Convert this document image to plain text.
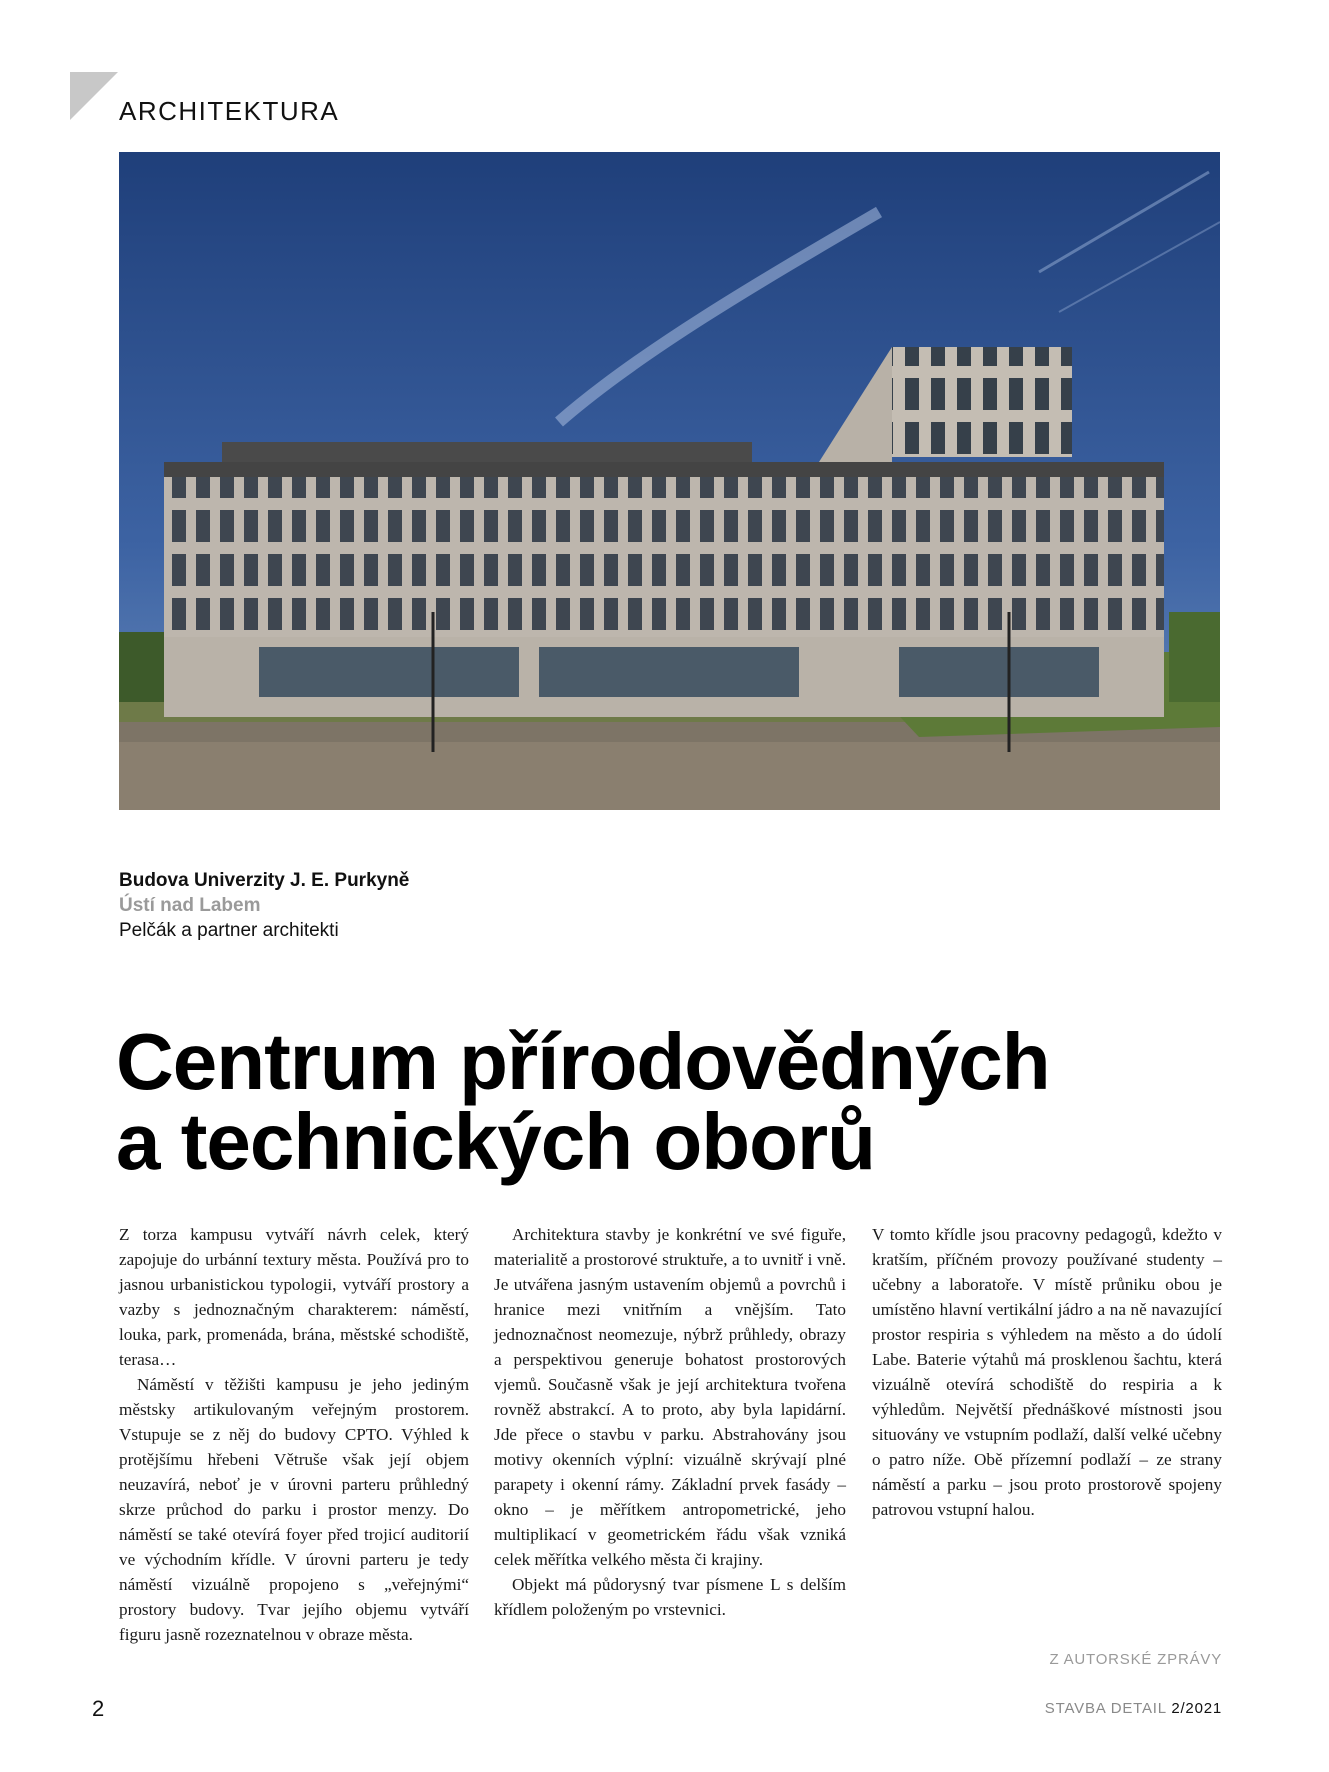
ARCHITEKTURA
Budova Univerzity J. E. Purkyně
Ústí nad Labem
Pelčák a partner architekti
Centrum přírodovědných
a technických oborů

Z torza kampusu vytváří návrh celek, který zapojuje do urbánní textury města. Používá pro to jasnou urbanistickou typologii, vytváří prostory a vazby s jednoznačným charakterem: náměstí, louka, park, promenáda, brána, městské schodiště, terasa…

Náměstí v těžišti kampusu je jeho jediným městsky artikulovaným veřejným prostorem. Vstupuje se z něj do budovy CPTO. Výhled k protějšímu hřebeni Větruše však její objem neuzavírá, neboť je v úrovni parteru průhledný skrze průchod do parku i prostor menzy. Do náměstí se také otevírá foyer před trojicí auditorií ve východním křídle. V úrovni parteru je tedy náměstí vizuálně propojeno s „veřejnými“ prostory budovy. Tvar jejího objemu vytváří figuru jasně rozeznatelnou v obraze města.

Architektura stavby je konkrétní ve své figuře, materialitě a prostorové struktuře, a to uvnitř i vně. Je utvářena jasným ustavením objemů a povrchů i hranice mezi vnitřním a vnějším. Tato jednoznačnost neomezuje, nýbrž průhledy, obrazy a perspektivou generuje bohatost prostorových vjemů. Současně však je její architektura tvořena rovněž abstrakcí. A to proto, aby byla lapidární. Jde přece o stavbu v parku. Abstrahovány jsou motivy okenních výplní: vizuálně skrývají plné parapety i okenní rámy. Základní prvek fasády – okno – je měřítkem antropometrické, jeho multiplikací v geometrickém řádu však vzniká celek měřítka velkého města či krajiny.

Objekt má půdorysný tvar písmene L s delším křídlem položeným po vrstevnici.

V tomto křídle jsou pracovny pedagogů, kdežto v kratším, příčném provozy používané studenty – učebny a laboratoře. V místě průniku obou je umístěno hlavní vertikální jádro a na ně navazující prostor respiria s výhledem na město a do údolí Labe. Baterie výtahů má prosklenou šachtu, která vizuálně otevírá schodiště do respiria a k výhledům. Největší přednáškové místnosti jsou situovány ve vstupním podlaží, další velké učebny o patro níže. Obě přízemní podlaží – ze strany náměstí a parku – jsou proto prostorově spojeny patrovou vstupní halou.

Z AUTORSKÉ ZPRÁVY
2	STAVBA DETAIL 2/2021
